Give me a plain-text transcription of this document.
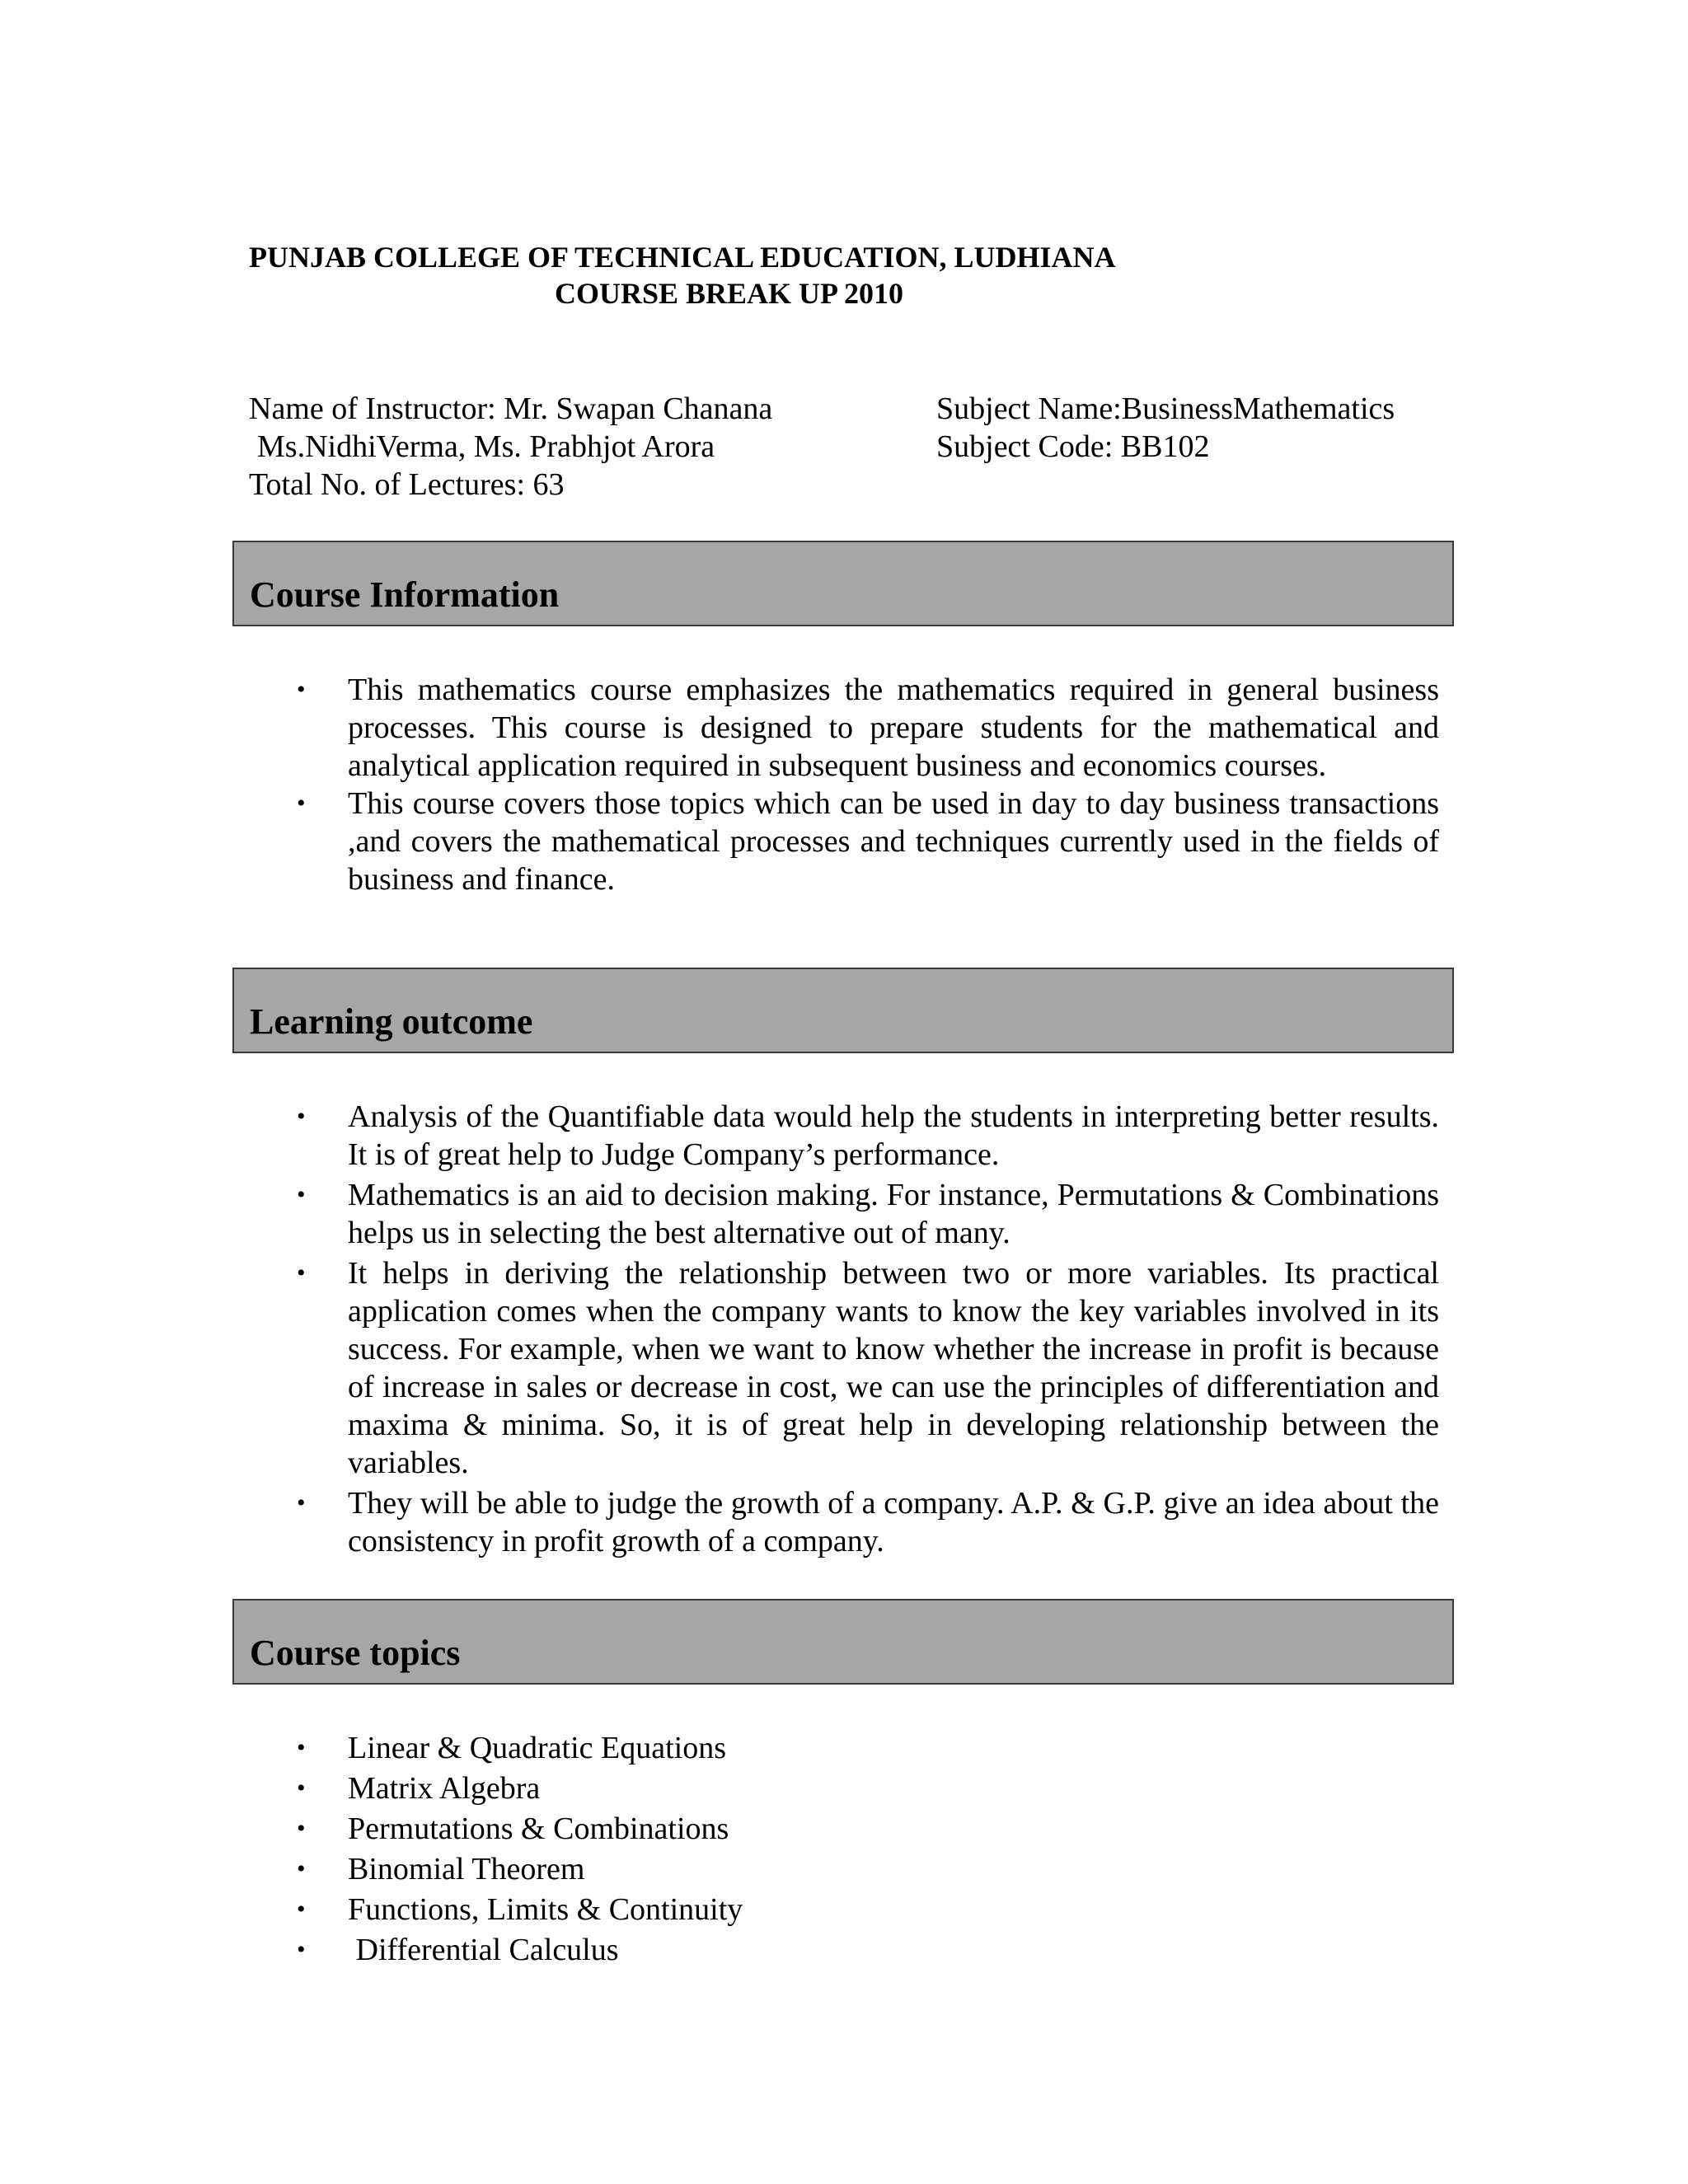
PUNJAB COLLEGE OF TECHNICAL EDUCATION, LUDHIANA
COURSE BREAK UP 2010
Name of Instructor: Mr. Swapan Chanana
Ms.NidhiVerma, Ms. Prabhjot Arora
Total No. of Lectures: 63
Subject Name:BusinessMathematics
Subject Code: BB102
Course Information
• This mathematics course emphasizes the mathematics required in general business processes. This course is designed to prepare students for the mathematical and analytical application required in subsequent business and economics courses.
• This course covers those topics which can be used in day to day business transactions ,and covers the mathematical processes and techniques currently used in the fields of business and finance.
Learning outcome
• Analysis of the Quantifiable data would help the students in interpreting better results. It is of great help to Judge Company’s performance.
• Mathematics is an aid to decision making. For instance, Permutations & Combinations helps us in selecting the best alternative out of many.
• It helps in deriving the relationship between two or more variables. Its practical application comes when the company wants to know the key variables involved in its success. For example, when we want to know whether the increase in profit is because of increase in sales or decrease in cost, we can use the principles of differentiation and maxima & minima. So, it is of great help in developing relationship between the variables.
• They will be able to judge the growth of a company. A.P. & G.P. give an idea about the consistency in profit growth of a company.
Course topics
• Linear & Quadratic Equations
• Matrix Algebra
• Permutations & Combinations
• Binomial Theorem
• Functions, Limits & Continuity
• Differential Calculus
